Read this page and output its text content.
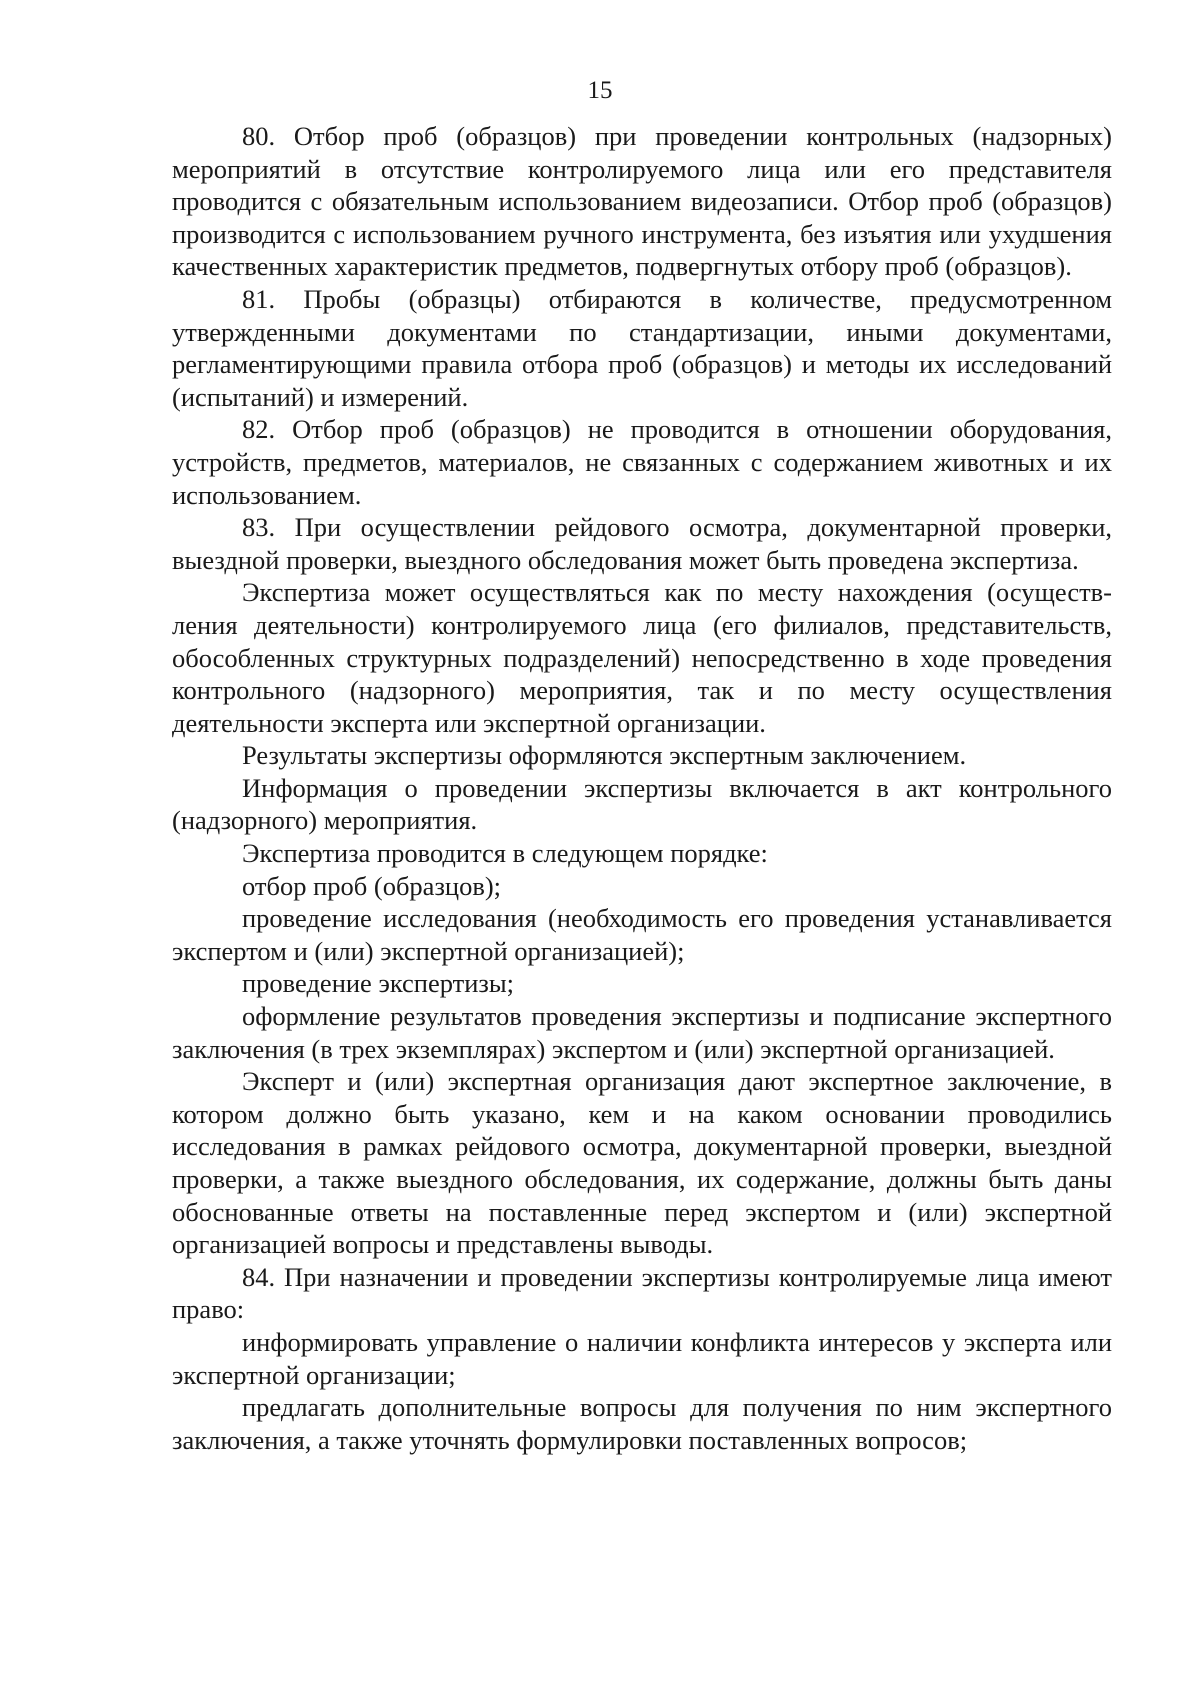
15

80. Отбор проб (образцов) при проведении контрольных (надзорных) мероприятий в отсутствие контролируемого лица или его представителя проводится с обязательным использованием видеозаписи. Отбор проб (образцов) производится с использованием ручного инструмента, без изъятия или ухудшения качественных характеристик предметов, подвергнутых отбору проб (образцов).

81. Пробы (образцы) отбираются в количестве, предусмотренном утвержденными документами по стандартизации, иными документами, регламентирующими правила отбора проб (образцов) и методы их исследований (испытаний) и измерений.

82. Отбор проб (образцов) не проводится в отношении оборудования, устройств, предметов, материалов, не связанных с содержанием животных и их использованием.

83. При осуществлении рейдового осмотра, документарной проверки, выездной проверки, выездного обследования может быть проведена экспертиза.

Экспертиза может осуществляться как по месту нахождения (осуществления деятельности) контролируемого лица (его филиалов, представительств, обособленных структурных подразделений) непосредственно в ходе проведения контрольного (надзорного) мероприятия, так и по месту осуществления деятельности эксперта или экспертной организации.

Результаты экспертизы оформляются экспертным заключением.

Информация о проведении экспертизы включается в акт контрольного (надзорного) мероприятия.

Экспертиза проводится в следующем порядке:

отбор проб (образцов);

проведение исследования (необходимость его проведения устанавливается экспертом и (или) экспертной организацией);

проведение экспертизы;

оформление результатов проведения экспертизы и подписание экспертного заключения (в трех экземплярах) экспертом и (или) экспертной организацией.

Эксперт и (или) экспертная организация дают экспертное заключение, в котором должно быть указано, кем и на каком основании проводились исследования в рамках рейдового осмотра, документарной проверки, выездной проверки, а также выездного обследования, их содержание, должны быть даны обоснованные ответы на поставленные перед экспертом и (или) экспертной организацией вопросы и представлены выводы.

84. При назначении и проведении экспертизы контролируемые лица имеют право:

информировать управление о наличии конфликта интересов у эксперта или экспертной организации;

предлагать дополнительные вопросы для получения по ним экспертного заключения, а также уточнять формулировки поставленных вопросов;
